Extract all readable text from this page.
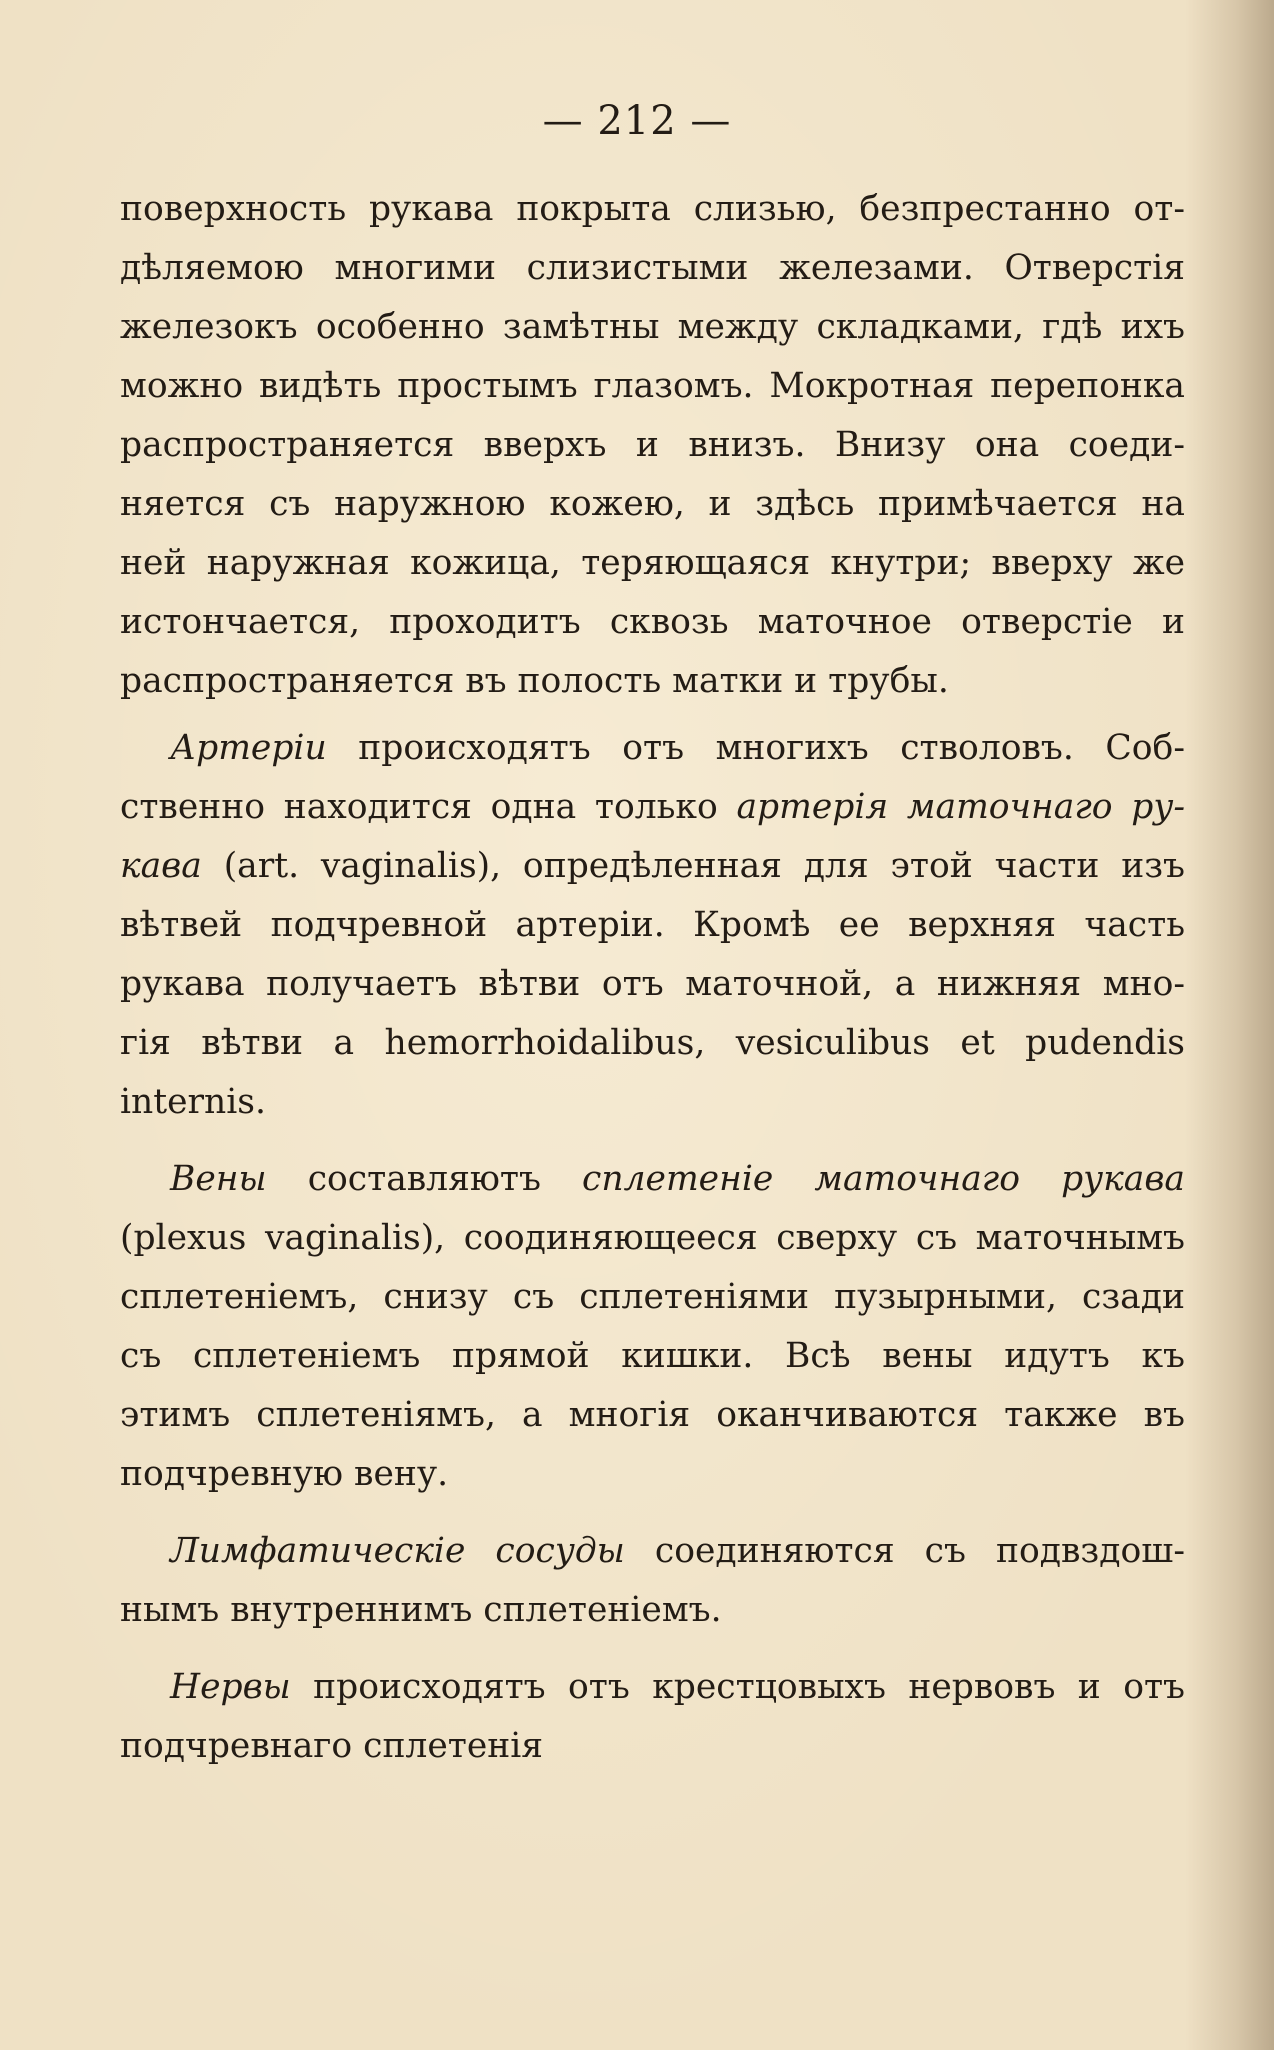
— 212 —
поверхность рукава покрыта слизью, безпрестанно от-
дѣляемою многими слизистыми железами. Отверстія
железокъ особенно замѣтны между складками, гдѣ ихъ
можно видѣть простымъ глазомъ. Мокротная перепонка
распространяется вверхъ и внизъ. Внизу она соеди-
няется съ наружною кожею, и здѣсь примѣчается на
ней наружная кожица, теряющаяся кнутри; вверху же
истончается, проходитъ сквозь маточное отверстіе и
распространяется въ полость матки и трубы.
Артеріи происходятъ отъ многихъ стволовъ. Соб-
ственно находится одна только артерія маточнаго ру-
кава (art. vaginalis), опредѣленная для этой части изъ
вѣтвей подчревной артеріи. Кромѣ ее верхняя часть
рукава получаетъ вѣтви отъ маточной, а нижняя мно-
гія вѣтви a hemorrhoidalibus, vesiculibus et pudendis
internis.
Вены составляютъ сплетеніе маточнаго рукава
(plexus vaginalis), соодиняющееся сверху съ маточнымъ
сплетеніемъ, снизу съ сплетеніями пузырными, сзади
съ сплетеніемъ прямой кишки. Всѣ вены идутъ къ
этимъ сплетеніямъ, а многія оканчиваются также въ
подчревную вену.
Лимфатическіе сосуды соединяются съ подвздош-
нымъ внутреннимъ сплетеніемъ.
Нервы происходятъ отъ крестцовыхъ нервовъ и отъ
подчревнаго сплетенія
